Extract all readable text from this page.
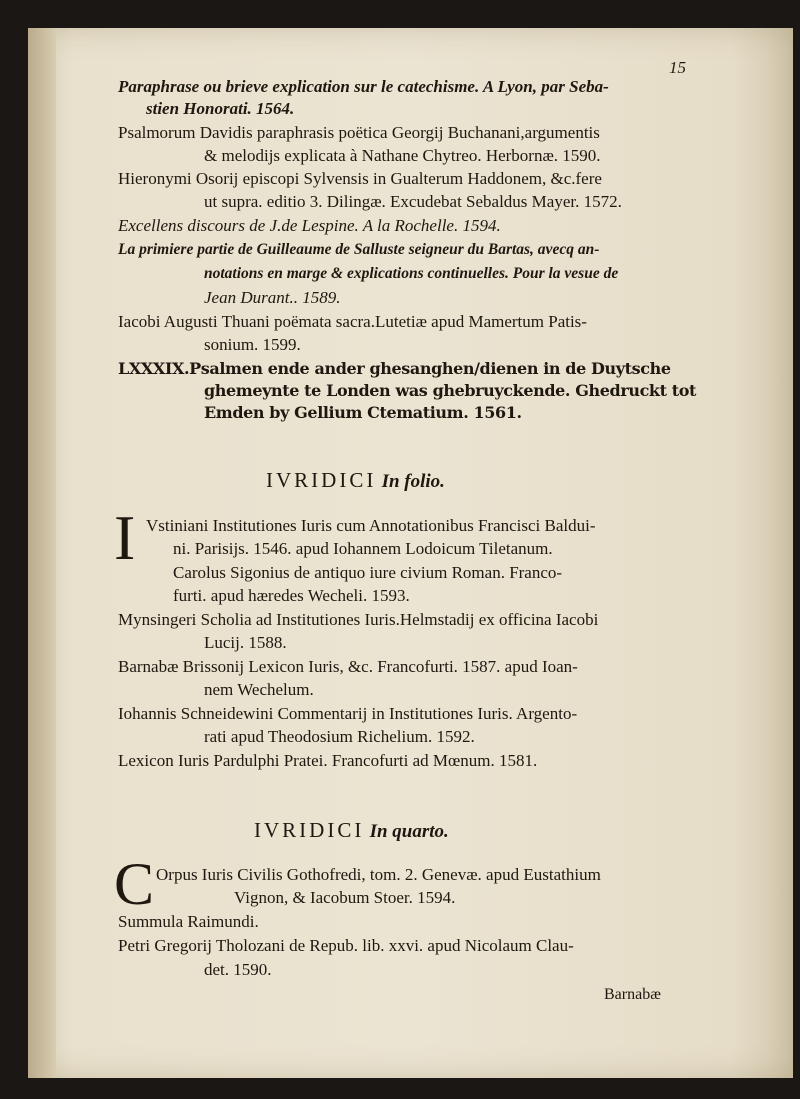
15
Paraphrase ou brieve explication sur le catechisme. A Lyon, par Seba-
stien Honorati. 1564.
Psalmorum Davidis paraphrasis poëtica Georgij Buchanani,argumentis
& melodijs explicata à Nathane Chytreo. Herbornæ. 1590.
Hieronymi Osorij episcopi Sylvensis in Gualterum Haddonem, &c.fere
ut supra. editio 3. Dilingæ. Excudebat Sebaldus Mayer. 1572.
Excellens discours de J.de Lespine. A la Rochelle. 1594.
La primiere partie de Guilleaume de Salluste seigneur du Bartas, avecq an-
notations en marge & explications continuelles. Pour la vesue de
Jean Durant.. 1589.
Iacobi Augusti Thuani poëmata sacra.Lutetiæ apud Mamertum Patis-
sonium. 1599.
LXXXIX.Psalmen ende ander ghesanghen/dienen in de Duytsche
ghemeynte te Londen was ghebruyckende. Ghedruckt tot
Emden by Gellium Ctematium. 1561.
IVRIDICI In folio.
I Vstiniani Institutiones Iuris cum Annotationibus Francisci Baldui-
ni. Parisijs. 1546. apud Iohannem Lodoicum Tiletanum.
Carolus Sigonius de antiquo iure civium Roman. Franco-
furti. apud hæredes Wecheli. 1593.
Mynsingeri Scholia ad Institutiones Iuris.Helmstadij ex officina Iacobi
Lucij. 1588.
Barnabæ Brissonij Lexicon Iuris, &c. Francofurti. 1587. apud Ioan-
nem Wechelum.
Iohannis Schneidewini Commentarij in Institutiones Iuris. Argento-
rati apud Theodosium Richelium. 1592.
Lexicon Iuris Pardulphi Pratei. Francofurti ad Mœnum. 1581.
IVRIDICI In quarto.
C Orpus Iuris Civilis Gothofredi, tom. 2. Genevæ. apud Eustathium
Vignon, & Iacobum Stoer. 1594.
Summula Raimundi.
Petri Gregorij Tholozani de Repub. lib. xxvi. apud Nicolaum Clau-
det. 1590.
Barnabæ
